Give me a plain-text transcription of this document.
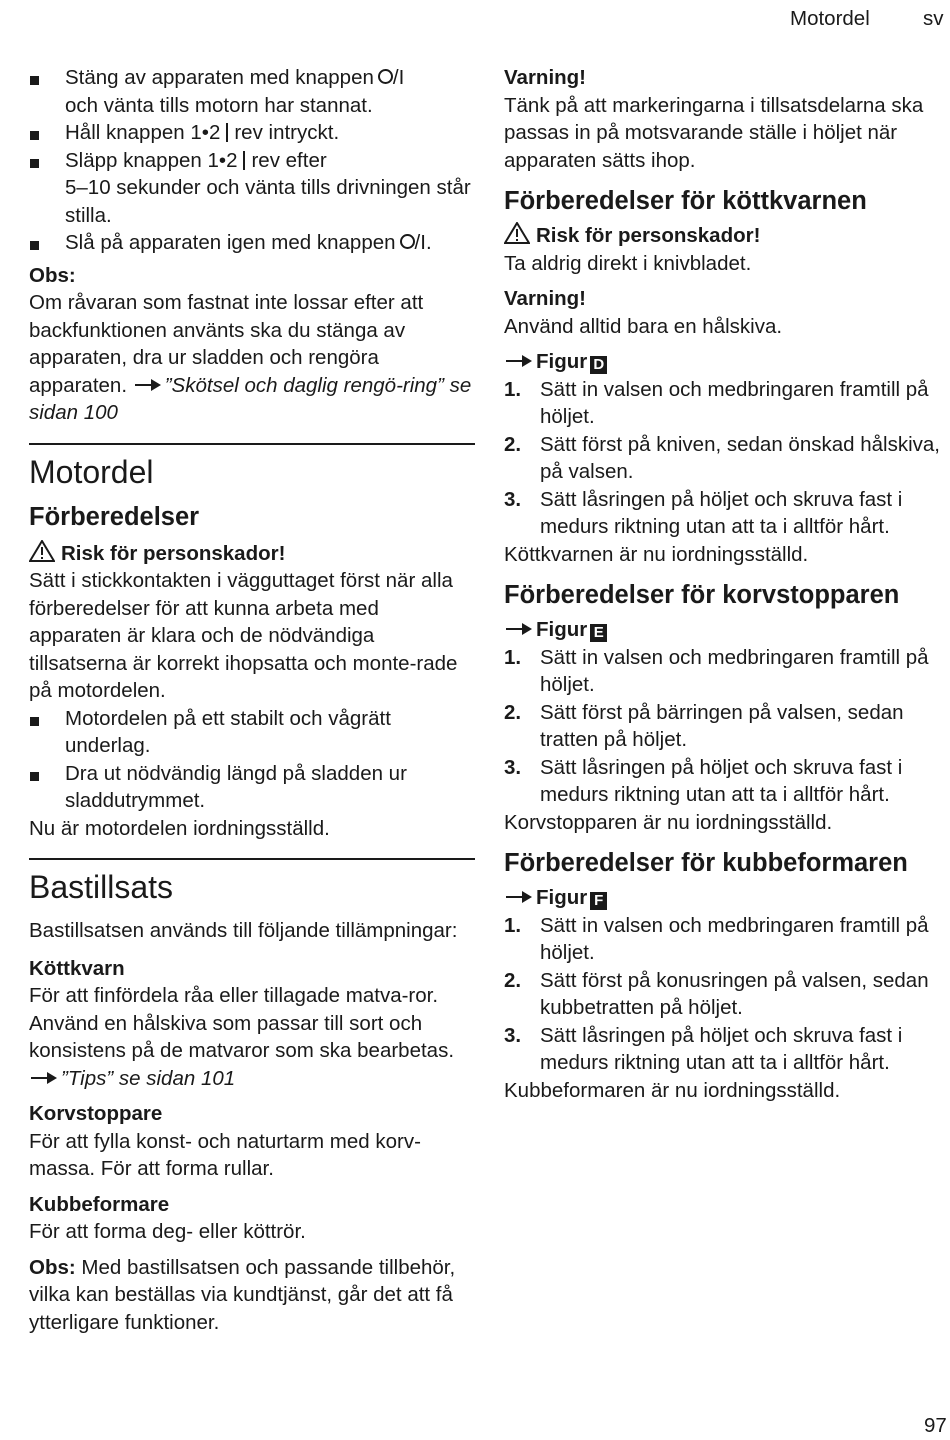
Motordel	sv
Stäng av apparaten med knappen /I
och vänta tills motorn har stannat.
Håll knappen 1•2 rev intryckt.
Släpp knappen 1•2 rev efter
5–10 sekunder och vänta tills drivningen står stilla.
Slå på apparaten igen med knappen /I.

Obs:

Om råvaran som fastnat inte lossar efter att backfunktionen använts ska du stänga av apparaten, dra ur sladden och rengöra apparaten. ”Skötsel och daglig rengö-ring” se sidan 100

Motordel
Förberedelser

Risk för personskador!

Sätt i stickkontakten i vägguttaget först när alla förberedelser för att kunna arbeta med apparaten är klara och de nödvändiga tillsatserna är korrekt ihopsatta och monte-rade på motordelen.

Motordelen på ett stabilt och vågrätt underlag.
Dra ut nödvändig längd på sladden ur sladdutrymmet.

Nu är motordelen iordningsställd.

Bastillsats

Bastillsatsen används till följande tillämpningar:

Köttkvarn

För att finfördela råa eller tillagade matva-ror. Använd en hålskiva som passar till sort och konsistens på de matvaror som ska bearbetas. ”Tips” se sidan 101

Korvstoppare

För att fylla konst- och naturtarm med korv-massa. För att forma rullar.

Kubbeformare

För att forma deg- eller köttrör.

Obs: Med bastillsatsen och passande tillbehör, vilka kan beställas via kundtjänst, går det att få ytterligare funktioner.

Varning!

Tänk på att markeringarna i tillsatsdelarna ska passas in på motsvarande ställe i höljet när apparaten sätts ihop.

Förberedelser för köttkvarnen

Risk för personskador!

Ta aldrig direkt i knivbladet.

Varning!

Använd alltid bara en hålskiva.

Figur D

1. Sätt in valsen och medbringaren framtill på höljet.
2. Sätt först på kniven, sedan önskad hålskiva, på valsen.
3. Sätt låsringen på höljet och skruva fast i medurs riktning utan att ta i alltför hårt.

Köttkvarnen är nu iordningsställd.

Förberedelser för korvstopparen

Figur E

1. Sätt in valsen och medbringaren framtill på höljet.
2. Sätt först på bärringen på valsen, sedan tratten på höljet.
3. Sätt låsringen på höljet och skruva fast i medurs riktning utan att ta i alltför hårt.

Korvstopparen är nu iordningsställd.

Förberedelser för kubbeformaren

Figur F

1. Sätt in valsen och medbringaren framtill på höljet.
2. Sätt först på konusringen på valsen, sedan kubbetratten på höljet.
3. Sätt låsringen på höljet och skruva fast i medurs riktning utan att ta i alltför hårt.

Kubbeformaren är nu iordningsställd.

97
